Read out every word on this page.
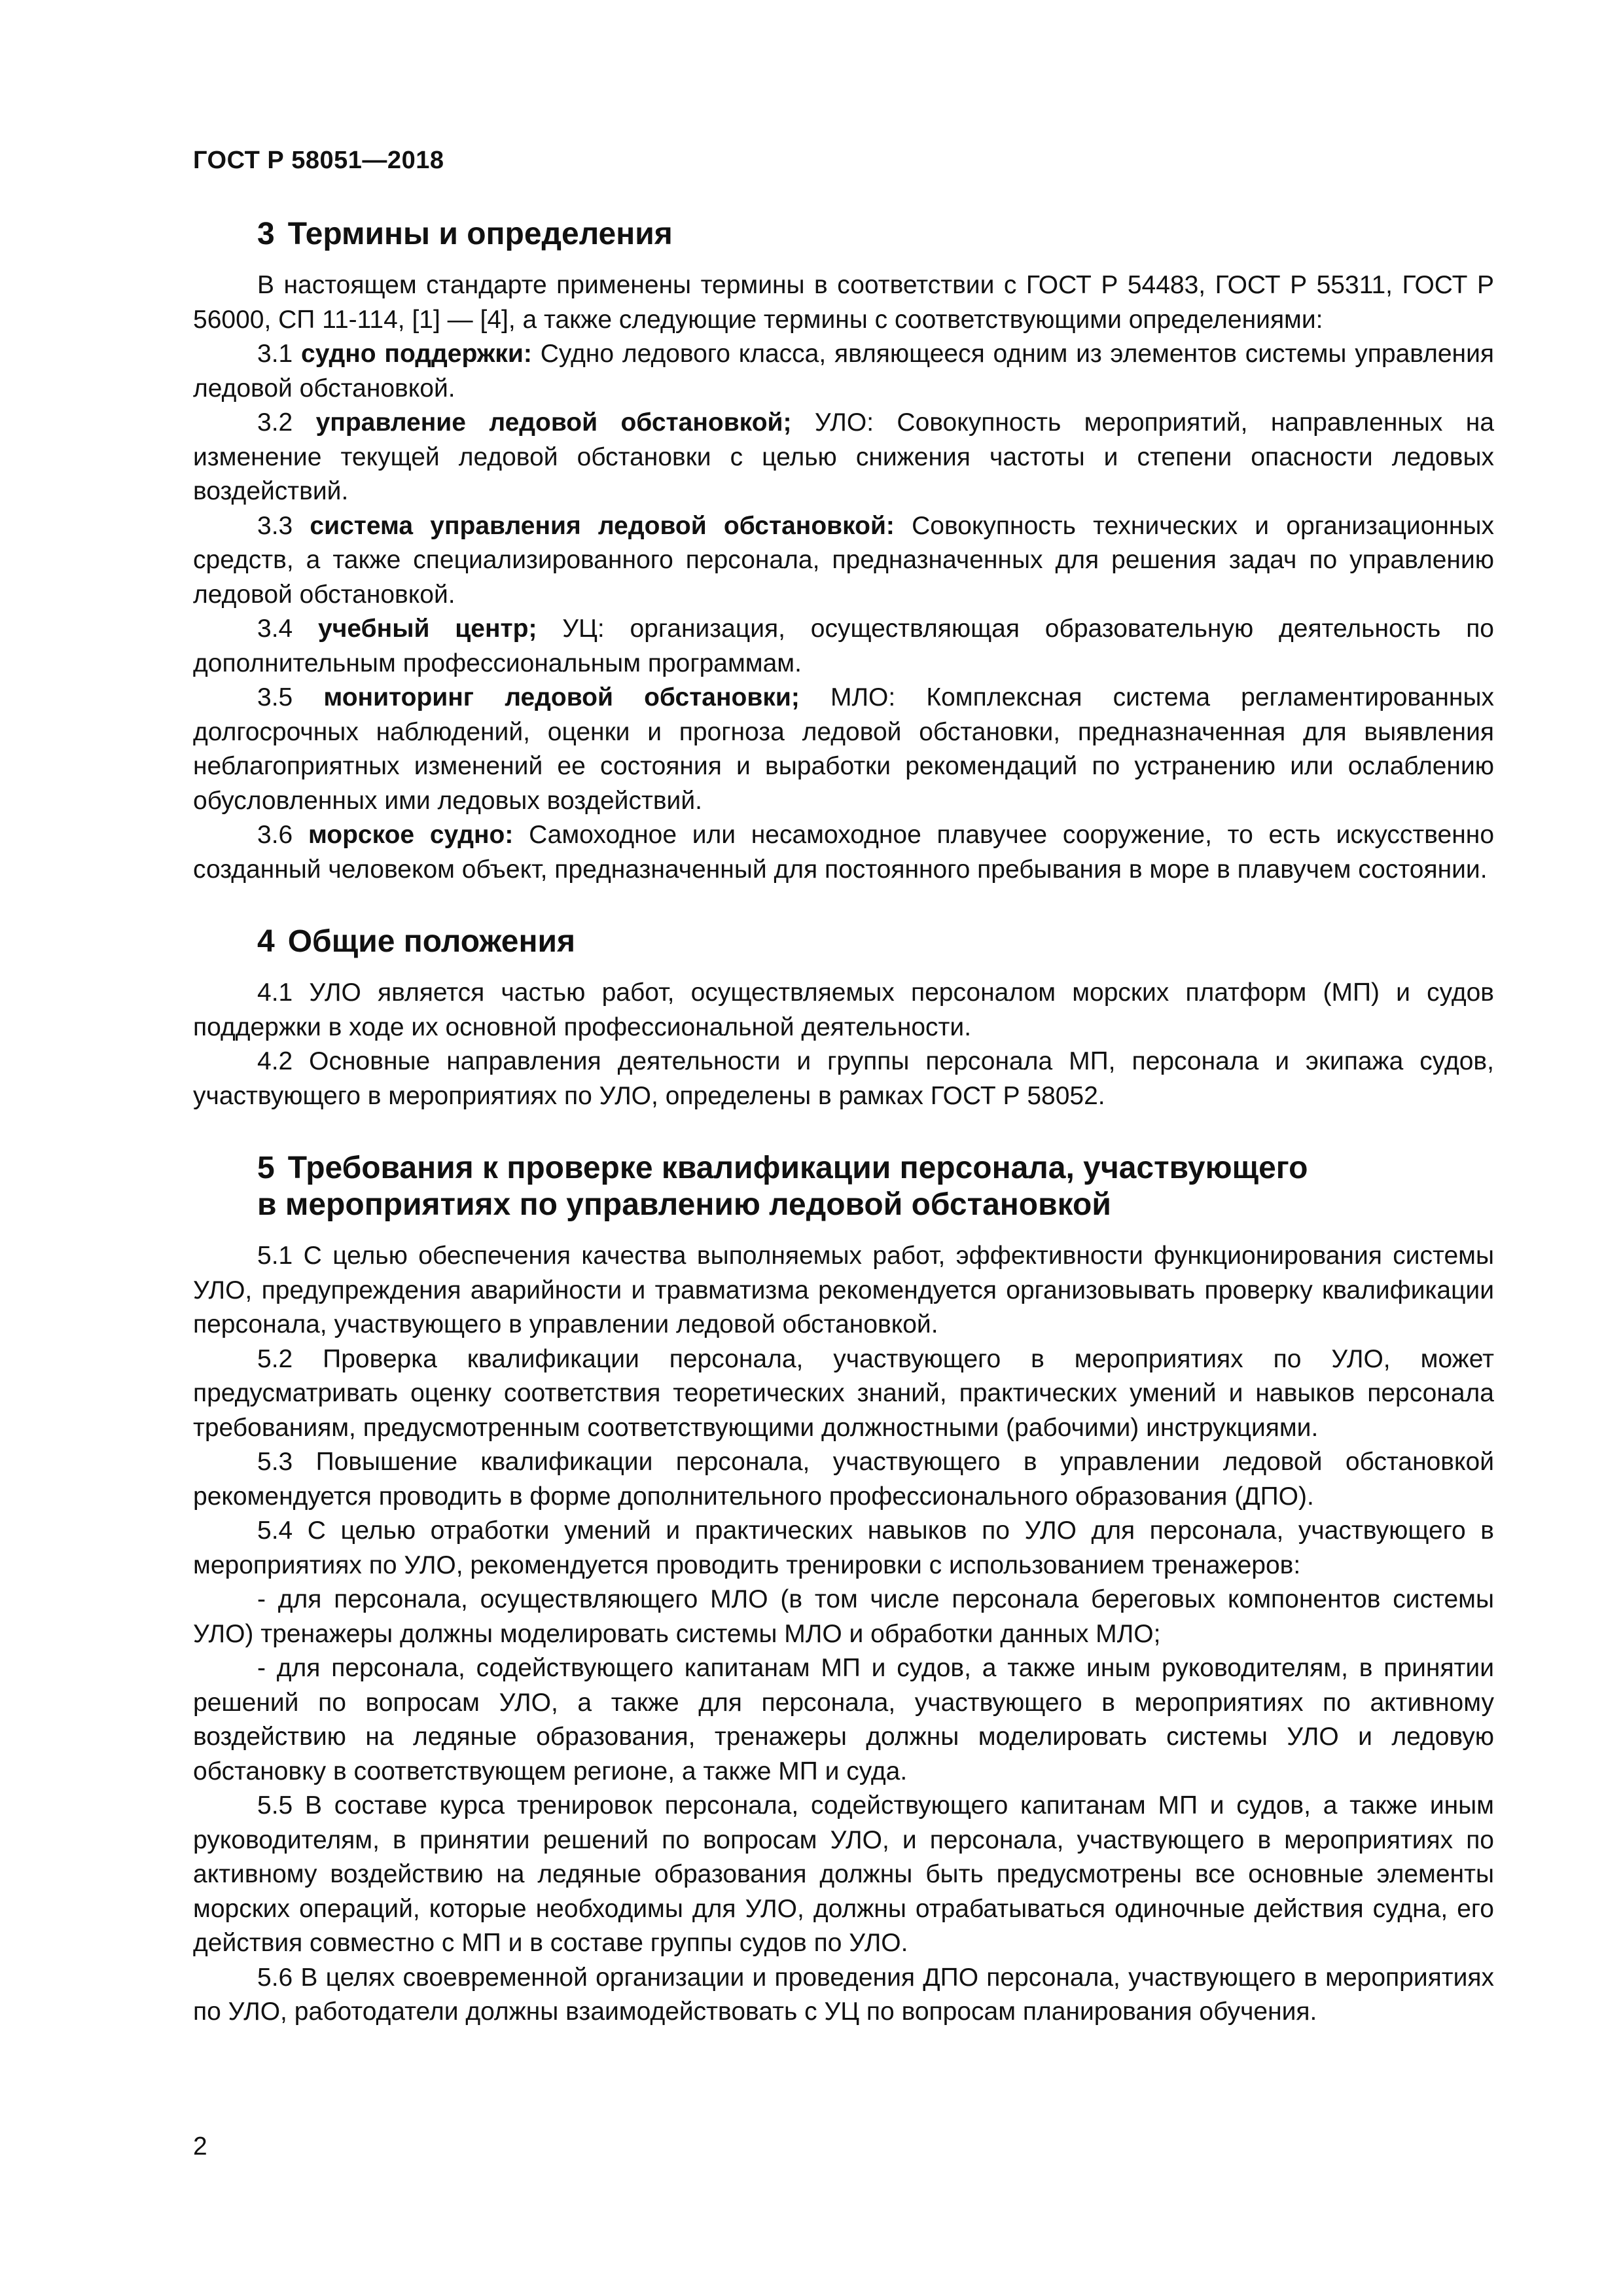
ГОСТ Р 58051—2018
3 Термины и определения

В настоящем стандарте применены термины в соответствии с ГОСТ Р 54483, ГОСТ Р 55311, ГОСТ Р 56000, СП 11-114, [1] — [4], а также следующие термины с соответствующими определениями:

3.1 судно поддержки: Судно ледового класса, являющееся одним из элементов системы управления ледовой обстановкой.

3.2 управление ледовой обстановкой; УЛО: Совокупность мероприятий, направленных на изменение текущей ледовой обстановки с целью снижения частоты и степени опасности ледовых воздействий.

3.3 система управления ледовой обстановкой: Совокупность технических и организационных средств, а также специализированного персонала, предназначенных для решения задач по управлению ледовой обстановкой.

3.4 учебный центр; УЦ: организация, осуществляющая образовательную деятельность по дополнительным профессиональным программам.

3.5 мониторинг ледовой обстановки; МЛО: Комплексная система регламентированных долгосрочных наблюдений, оценки и прогноза ледовой обстановки, предназначенная для выявления неблагоприятных изменений ее состояния и выработки рекомендаций по устранению или ослаблению обусловленных ими ледовых воздействий.

3.6 морское судно: Самоходное или несамоходное плавучее сооружение, то есть искусственно созданный человеком объект, предназначенный для постоянного пребывания в море в плавучем состоянии.

4 Общие положения

4.1 УЛО является частью работ, осуществляемых персоналом морских платформ (МП) и судов поддержки в ходе их основной профессиональной деятельности.

4.2 Основные направления деятельности и группы персонала МП, персонала и экипажа судов, участвующего в мероприятиях по УЛО, определены в рамках ГОСТ Р 58052.

5 Требования к проверке квалификации персонала, участвующего
в мероприятиях по управлению ледовой обстановкой

5.1 С целью обеспечения качества выполняемых работ, эффективности функционирования системы УЛО, предупреждения аварийности и травматизма рекомендуется организовывать проверку квалификации персонала, участвующего в управлении ледовой обстановкой.

5.2 Проверка квалификации персонала, участвующего в мероприятиях по УЛО, может предусматривать оценку соответствия теоретических знаний, практических умений и навыков персонала требованиям, предусмотренным соответствующими должностными (рабочими) инструкциями.

5.3 Повышение квалификации персонала, участвующего в управлении ледовой обстановкой рекомендуется проводить в форме дополнительного профессионального образования (ДПО).

5.4 С целью отработки умений и практических навыков по УЛО для персонала, участвующего в мероприятиях по УЛО, рекомендуется проводить тренировки с использованием тренажеров:

- для персонала, осуществляющего МЛО (в том числе персонала береговых компонентов системы УЛО) тренажеры должны моделировать системы МЛО и обработки данных МЛО;

- для персонала, содействующего капитанам МП и судов, а также иным руководителям, в принятии решений по вопросам УЛО, а также для персонала, участвующего в мероприятиях по активному воздействию на ледяные образования, тренажеры должны моделировать системы УЛО и ледовую обстановку в соответствующем регионе, а также МП и суда.

5.5 В составе курса тренировок персонала, содействующего капитанам МП и судов, а также иным руководителям, в принятии решений по вопросам УЛО, и персонала, участвующего в мероприятиях по активному воздействию на ледяные образования должны быть предусмотрены все основные элементы морских операций, которые необходимы для УЛО, должны отрабатываться одиночные действия судна, его действия совместно с МП и в составе группы судов по УЛО.

5.6 В целях своевременной организации и проведения ДПО персонала, участвующего в мероприятиях по УЛО, работодатели должны взаимодействовать с УЦ по вопросам планирования обучения.

2
